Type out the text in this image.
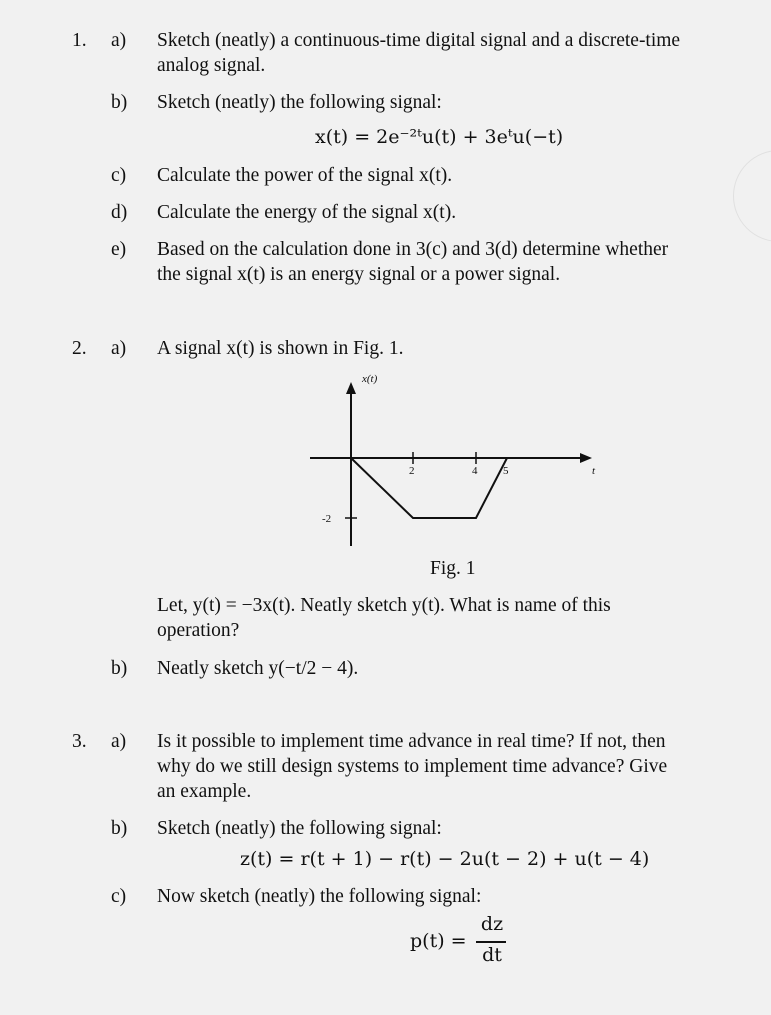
1. a) Sketch (neatly) a continuous-time digital signal and a discrete-time
analog signal.
b) Sketch (neatly) the following signal:
x(t) = 2e⁻²ᵗu(t) + 3eᵗu(−t)
c) Calculate the power of the signal x(t).
d) Calculate the energy of the signal x(t).
e) Based on the calculation done in 3(c) and 3(d) determine whether
the signal x(t) is an energy signal or a power signal.
2. a) A signal x(t) is shown in Fig. 1.
x(t)
t
2	4 5
-2
Fig. 1
Let, y(t) = −3x(t). Neatly sketch y(t). What is name of this
operation?
b) Neatly sketch y(−t/2 − 4).
3. a) Is it possible to implement time advance in real time? If not, then
why do we still design systems to implement time advance? Give
an example.
b) Sketch (neatly) the following signal:
z(t) = r(t + 1) − r(t) − 2u(t − 2) + u(t − 4)
c) Now sketch (neatly) the following signal:
p(t) =
dz
dt
